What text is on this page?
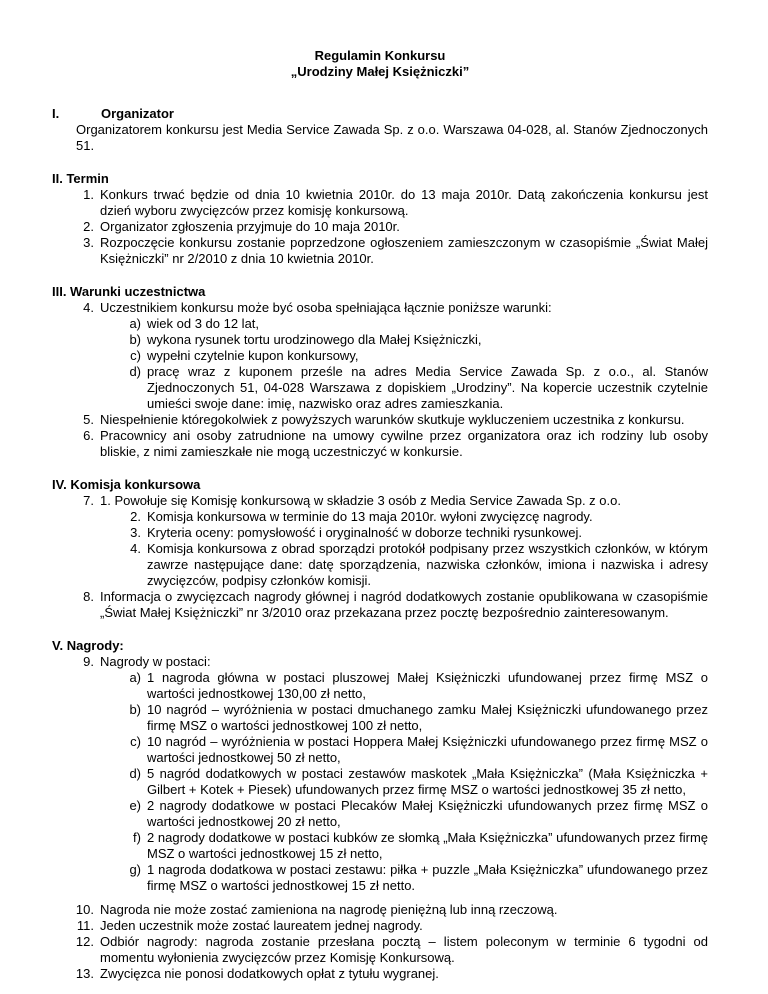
Regulamin Konkursu

„Urodziny Małej Księżniczki”

I.	Organizator
Organizatorem konkursu jest Media Service Zawada Sp. z o.o. Warszawa 04-028, al. Stanów Zjednoczonych 51.
II. Termin
1. Konkurs trwać będzie od dnia 10 kwietnia 2010r. do 13 maja 2010r. Datą zakończenia konkursu jest dzień wyboru zwycięzców przez komisję konkursową.
2. Organizator zgłoszenia przyjmuje do 10 maja 2010r.
3. Rozpoczęcie konkursu zostanie poprzedzone ogłoszeniem zamieszczonym w czasopiśmie „Świat Małej Księżniczki” nr 2/2010 z dnia 10 kwietnia 2010r.
III. Warunki uczestnictwa
4. Uczestnikiem konkursu może być osoba spełniająca łącznie poniższe warunki:
a) wiek od 3 do 12 lat,
b) wykona rysunek tortu urodzinowego dla Małej Księżniczki,
c) wypełni czytelnie kupon konkursowy,
d) pracę wraz z kuponem prześle na adres Media Service Zawada Sp. z o.o., al. Stanów Zjednoczonych 51, 04-028 Warszawa z dopiskiem „Urodziny”. Na kopercie uczestnik czytelnie umieści swoje dane: imię, nazwisko oraz adres zamieszkania.
5. Niespełnienie któregokolwiek z powyższych warunków skutkuje wykluczeniem uczestnika z konkursu.
6. Pracownicy ani osoby zatrudnione na umowy cywilne przez organizatora oraz ich rodziny lub osoby bliskie, z nimi zamieszkałe nie mogą uczestniczyć w konkursie.
IV. Komisja konkursowa
7. 1. Powołuje się Komisję konkursową w składzie 3 osób z Media Service Zawada Sp. z o.o.
2. Komisja konkursowa w terminie do 13 maja 2010r. wyłoni zwycięzcę nagrody.
3. Kryteria oceny: pomysłowość i oryginalność w doborze techniki rysunkowej.
4. Komisja konkursowa z obrad sporządzi protokół podpisany przez wszystkich członków, w którym zawrze następujące dane: datę sporządzenia, nazwiska członków, imiona i nazwiska i adresy zwycięzców, podpisy członków komisji.
8. Informacja o zwycięzcach nagrody głównej i nagród dodatkowych zostanie opublikowana w czasopiśmie „Świat Małej Księżniczki” nr 3/2010 oraz przekazana przez pocztę bezpośrednio zainteresowanym.
V. Nagrody:
9. Nagrody w postaci:
a) 1 nagroda główna w postaci pluszowej Małej Księżniczki ufundowanej przez firmę MSZ o wartości jednostkowej 130,00 zł netto,
b) 10 nagród – wyróżnienia w postaci dmuchanego zamku Małej Księżniczki ufundowanego przez firmę MSZ o wartości jednostkowej 100 zł netto,
c) 10 nagród – wyróżnienia w postaci Hoppera Małej Księżniczki ufundowanego przez firmę MSZ o wartości jednostkowej 50 zł netto,
d) 5 nagród dodatkowych w postaci zestawów maskotek „Mała Księżniczka” (Mała Księżniczka + Gilbert + Kotek + Piesek) ufundowanych przez firmę MSZ o wartości jednostkowej 35 zł netto,
e) 2 nagrody dodatkowe w postaci Plecaków Małej Księżniczki ufundowanych przez firmę MSZ o wartości jednostkowej 20 zł netto,
f) 2 nagrody dodatkowe w postaci kubków ze słomką „Mała Księżniczka” ufundowanych przez firmę MSZ o wartości jednostkowej 15 zł netto,
g) 1 nagroda dodatkowa w postaci zestawu: piłka + puzzle „Mała Księżniczka” ufundowanego przez firmę MSZ o wartości jednostkowej 15 zł netto.
10. Nagroda nie może zostać zamieniona na nagrodę pieniężną lub inną rzeczową.
11. Jeden uczestnik może zostać laureatem jednej nagrody.
12. Odbiór nagrody: nagroda zostanie przesłana pocztą – listem poleconym w terminie 6 tygodni od momentu wyłonienia zwycięzców przez Komisję Konkursową.
13. Zwycięzca nie ponosi dodatkowych opłat z tytułu wygranej.
